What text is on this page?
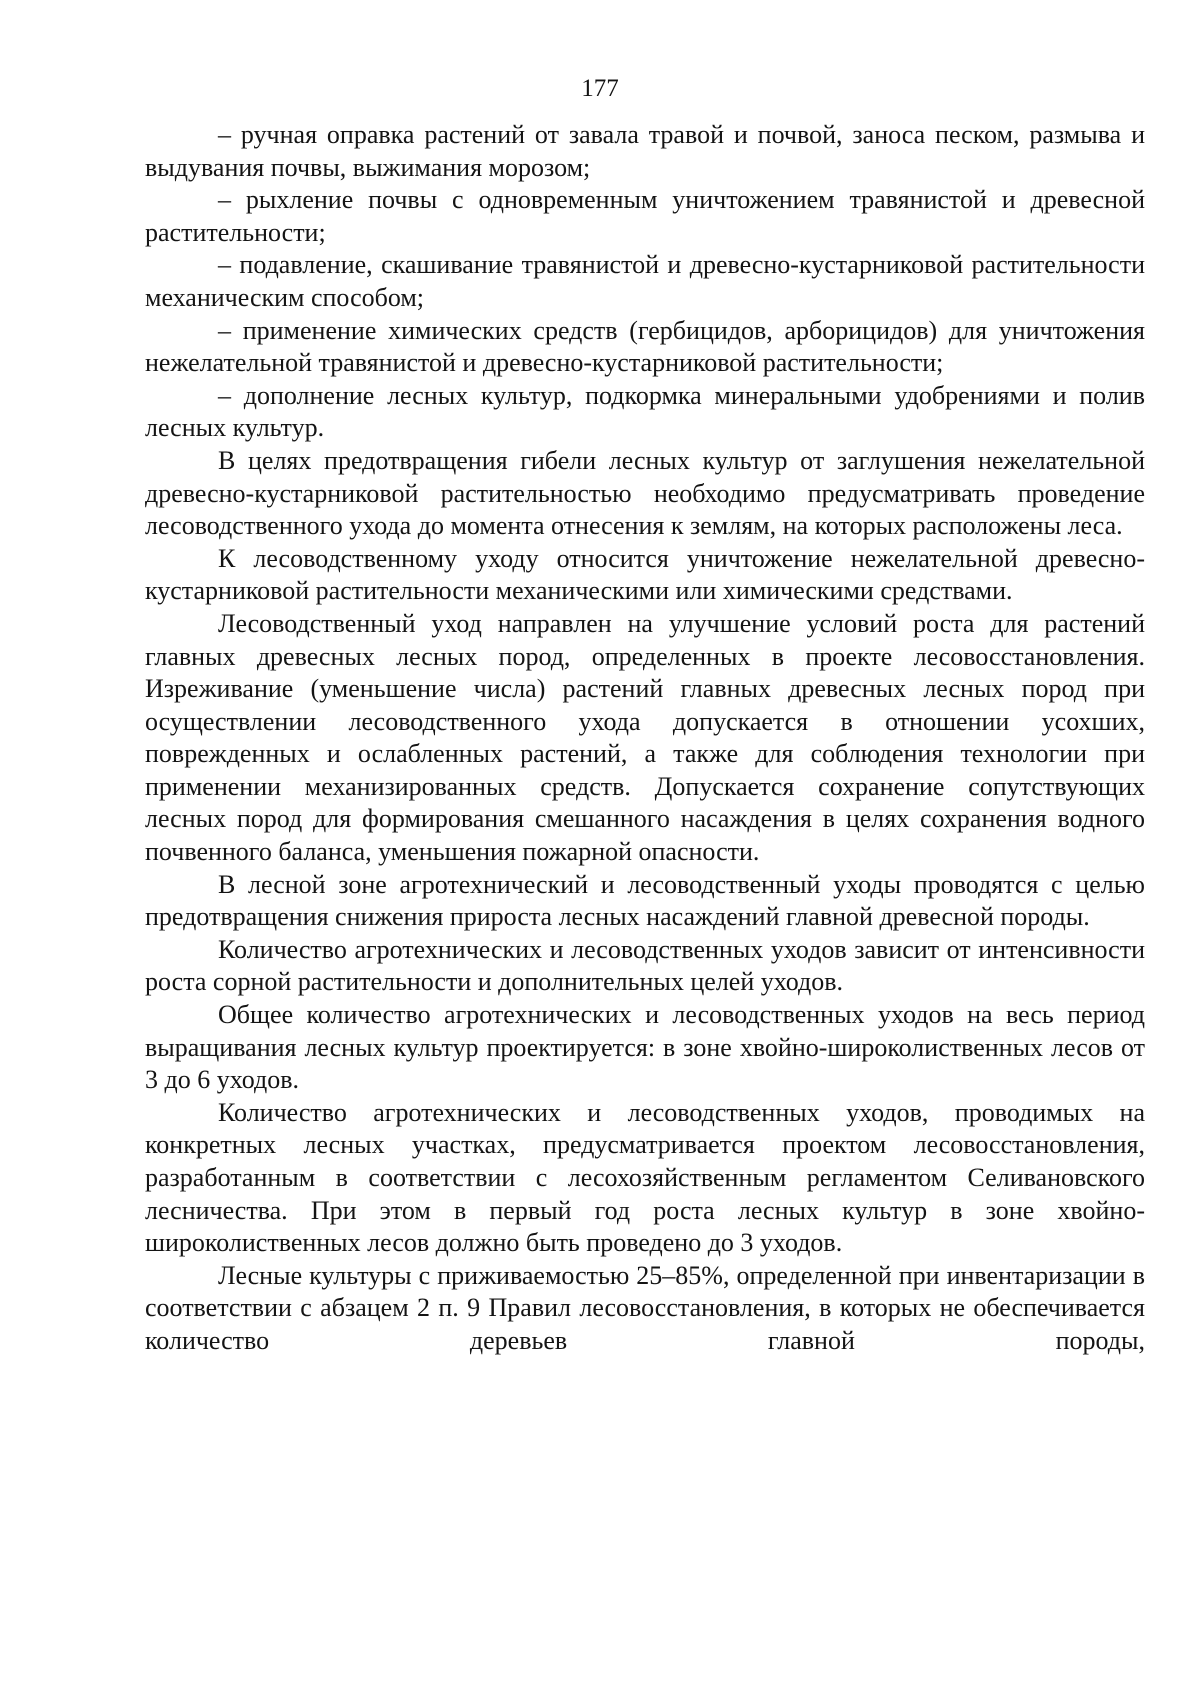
177

– ручная оправка растений от завала травой и почвой, заноса песком, размыва и выдувания почвы, выжимания морозом;

– рыхление почвы с одновременным уничтожением травянистой и древесной растительности;

– подавление, скашивание травянистой и древесно-кустарниковой растительности механическим способом;

– применение химических средств (гербицидов, арборицидов) для уничтожения нежелательной травянистой и древесно-кустарниковой растительности;

– дополнение лесных культур, подкормка минеральными удобрениями и полив лесных культур.

В целях предотвращения гибели лесных культур от заглушения нежелательной древесно-кустарниковой растительностью необходимо предусматривать проведение лесоводственного ухода до момента отнесения к землям, на которых расположены леса.

К лесоводственному уходу относится уничтожение нежелательной древесно-кустарниковой растительности механическими или химическими средствами.

Лесоводственный уход направлен на улучшение условий роста для растений главных древесных лесных пород, определенных в проекте лесовосстановления. Изреживание (уменьшение числа) растений главных древесных лесных пород при осуществлении лесоводственного ухода допускается в отношении усохших, поврежденных и ослабленных растений, а также для соблюдения технологии при применении механизированных средств. Допускается сохранение сопутствующих лесных пород для формирования смешанного насаждения в целях сохранения водного почвенного баланса, уменьшения пожарной опасности.

В лесной зоне агротехнический и лесоводственный уходы проводятся с целью предотвращения снижения прироста лесных насаждений главной древесной породы.

Количество агротехнических и лесоводственных уходов зависит от интенсивности роста сорной растительности и дополнительных целей уходов.

Общее количество агротехнических и лесоводственных уходов на весь период выращивания лесных культур проектируется: в зоне хвойно-широколиственных лесов от 3 до 6 уходов.

Количество агротехнических и лесоводственных уходов, проводимых на конкретных лесных участках, предусматривается проектом лесовосстановления, разработанным в соответствии с лесохозяйственным регламентом Селивановского лесничества. При этом в первый год роста лесных культур в зоне хвойно-широколиственных лесов должно быть проведено до 3 уходов.

Лесные культуры с приживаемостью 25–85%, определенной при инвентаризации в соответствии с абзацем 2 п. 9 Правил лесовосстановления, в которых не обеспечивается количество деревьев главной породы,
